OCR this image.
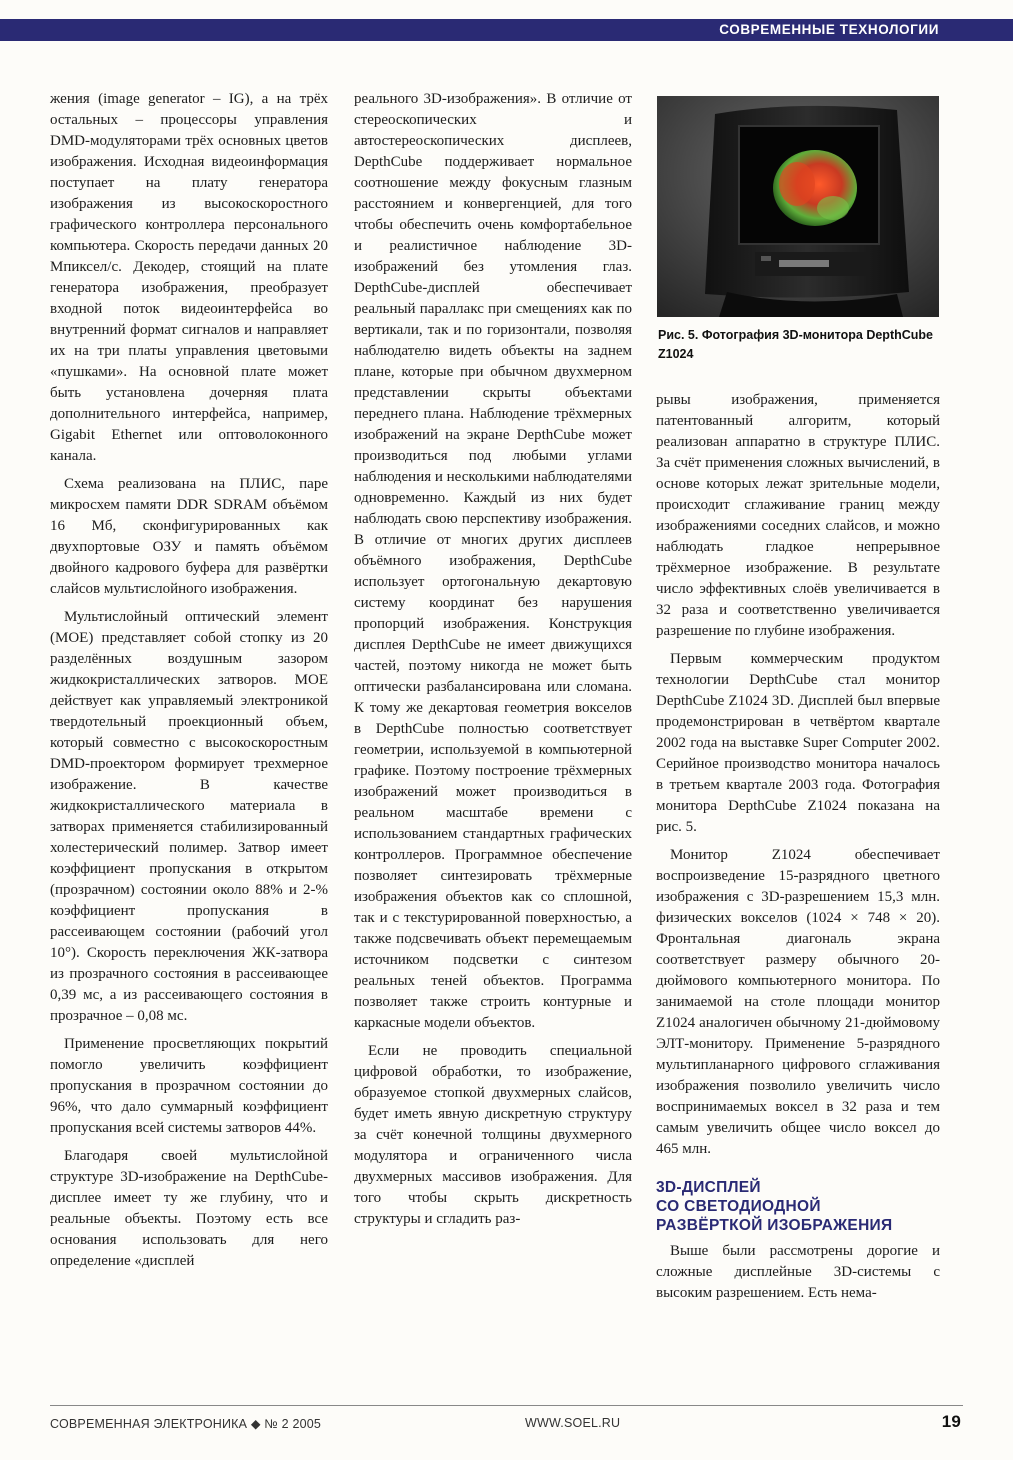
СОВРЕМЕННЫЕ ТЕХНОЛОГИИ

жения (image generator – IG), а на трёх остальных – процессоры управления DMD-модуляторами трёх основных цветов изображения. Исходная видеоинформация поступает на плату генератора изображения из высокоскоростного графического контроллера персонального компьютера. Скорость передачи данных 20 Мпиксел/с. Декодер, стоящий на плате генератора изображения, преобразует входной поток видеоинтерфейса во внутренний формат сигналов и направляет их на три платы управления цветовыми «пушками». На основной плате может быть установлена дочерняя плата дополнительного интерфейса, например, Gigabit Ethernet или оптоволоконного канала.

Схема реализована на ПЛИС, паре микросхем памяти DDR SDRAM объёмом 16 Мб, сконфигурированных как двухпортовые ОЗУ и память объёмом двойного кадрового буфера для развёртки слайсов мультислойного изображения.

Мультислойный оптический элемент (МОЕ) представляет собой стопку из 20 разделённых воздушным зазором жидкокристаллических затворов. МОЕ действует как управляемый электроникой твердотельный проекционный объем, который совместно с высокоскоростным DMD-проектором формирует трехмерное изображение. В качестве жидкокристаллического материала в затворах применяется стабилизированный холестерический полимер. Затвор имеет коэффициент пропускания в открытом (прозрачном) состоянии около 88% и 2-% коэффициент пропускания в рассеивающем состоянии (рабочий угол 10°). Скорость переключения ЖК-затвора из прозрачного состояния в рассеивающее 0,39 мс, а из рассеивающего состояния в прозрачное – 0,08 мс.

Применение просветляющих покрытий помогло увеличить коэффициент пропускания в прозрачном состоянии до 96%, что дало суммарный коэффициент пропускания всей системы затворов 44%.

Благодаря своей мультислойной структуре 3D-изображение на DepthCube-дисплее имеет ту же глубину, что и реальные объекты. Поэтому есть все основания использовать для него определение «дисплей

реального 3D-изображения». В отличие от стереоскопических и автостереоскопических дисплеев, DepthCube поддерживает нормальное соотношение между фокусным глазным расстоянием и конвергенцией, для того чтобы обеспечить очень комфортабельное и реалистичное наблюдение 3D-изображений без утомления глаз. DepthCube-дисплей обеспечивает реальный параллакс при смещениях как по вертикали, так и по горизонтали, позволяя наблюдателю видеть объекты на заднем плане, которые при обычном двухмерном представлении скрыты объектами переднего плана. Наблюдение трёхмерных изображений на экране DepthCube может производиться под любыми углами наблюдения и несколькими наблюдателями одновременно. Каждый из них будет наблюдать свою перспективу изображения. В отличие от многих других дисплеев объёмного изображения, DepthCube использует ортогональную декартовую систему координат без нарушения пропорций изображения. Конструкция дисплея DepthCube не имеет движущихся частей, поэтому никогда не может быть оптически разбалансирована или сломана. К тому же декартовая геометрия вокселов в DepthCube полностью соответствует геометрии, используемой в компьютерной графике. Поэтому построение трёхмерных изображений может производиться в реальном масштабе времени с использованием стандартных графических контроллеров. Программное обеспечение позволяет синтезировать трёхмерные изображения объектов как со сплошной, так и с текстурированной поверхностью, а также подсвечивать объект перемещаемым источником подсветки с синтезом реальных теней объектов. Программа позволяет также строить контурные и каркасные модели объектов.

Если не проводить специальной цифровой обработки, то изображение, образуемое стопкой двухмерных слайсов, будет иметь явную дискретную структуру за счёт конечной толщины двухмерного модулятора и ограниченного числа двухмерных массивов изображения. Для того чтобы скрыть дискретность структуры и сгладить раз-

Рис. 5. Фотография 3D-монитора DepthCube Z1024

рывы изображения, применяется патентованный алгоритм, который реализован аппаратно в структуре ПЛИС. За счёт применения сложных вычислений, в основе которых лежат зрительные модели, происходит сглаживание границ между изображениями соседних слайсов, и можно наблюдать гладкое непрерывное трёхмерное изображение. В результате число эффективных слоёв увеличивается в 32 раза и соответственно увеличивается разрешение по глубине изображения.

Первым коммерческим продуктом технологии DepthCube стал монитор DepthCube Z1024 3D. Дисплей был впервые продемонстрирован в четвёртом квартале 2002 года на выставке Super Computer 2002. Серийное производство монитора началось в третьем квартале 2003 года. Фотография монитора DepthCube Z1024 показана на рис. 5.

Монитор Z1024 обеспечивает воспроизведение 15-разрядного цветного изображения с 3D-разрешением 15,3 млн. физических вокселов (1024 × 748 × 20). Фронтальная диагональ экрана соответствует размеру обычного 20-дюймового компьютерного монитора. По занимаемой на столе площади монитор Z1024 аналогичен обычному 21-дюймовому ЭЛТ-монитору. Применение 5-разрядного мультипланарного цифрового сглаживания изображения позволило увеличить число воспринимаемых воксел в 32 раза и тем самым увеличить общее число воксел до 465 млн.

3D-ДИСПЛЕЙ
СО СВЕТОДИОДНОЙ
РАЗВЁРТКОЙ ИЗОБРАЖЕНИЯ

Выше были рассмотрены дорогие и сложные дисплейные 3D-системы с высоким разрешением. Есть нема-

СОВРЕМЕННАЯ ЭЛЕКТРОНИКА ◆ № 2 2005	WWW.SOEL.RU	19
